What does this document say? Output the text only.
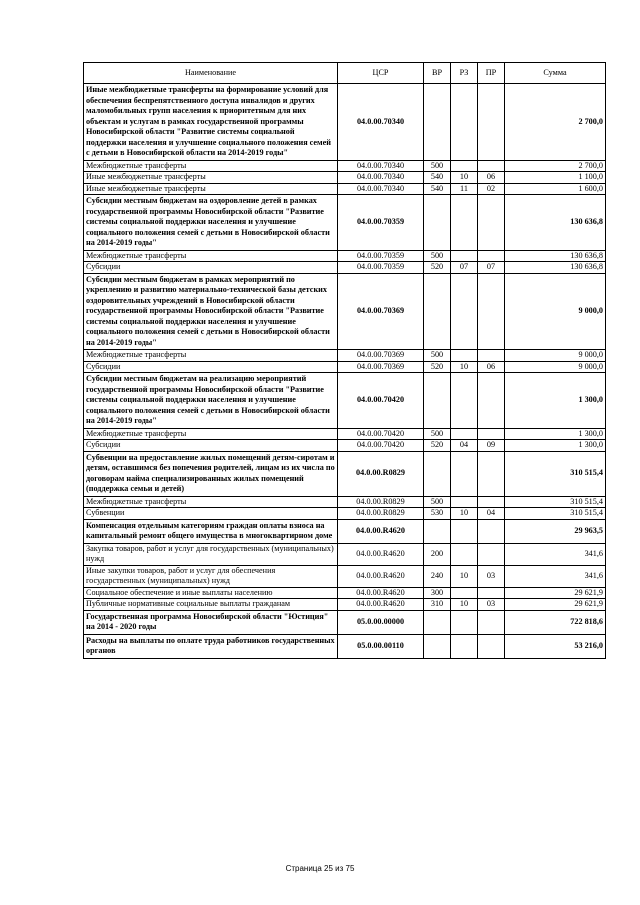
Наименование	ЦСР	ВР	РЗ	ПР	Сумма
Иные межбюджетные трансферты на формирование условий для обеспечения беспрепятственного доступа инвалидов и других маломобильных групп населения к приоритетным для них объектам и услугам в рамках государственной программы Новосибирской области "Развитие системы социальной поддержки населения и улучшение социального положения семей с детьми в Новосибирской области на 2014-2019 годы"	04.0.00.70340				2 700,0
Межбюджетные трансферты	04.0.00.70340	500			2 700,0
Иные межбюджетные трансферты	04.0.00.70340	540	10	06	1 100,0
Иные межбюджетные трансферты	04.0.00.70340	540	11	02	1 600,0
Субсидии местным бюджетам на оздоровление детей в рамках государственной программы Новосибирской области "Развитие системы социальной поддержки населения и улучшение социального положения семей с детьми в Новосибирской области на 2014-2019 годы"	04.0.00.70359				130 636,8
Межбюджетные трансферты	04.0.00.70359	500			130 636,8
Субсидии	04.0.00.70359	520	07	07	130 636,8
Субсидии местным бюджетам в рамках мероприятий по укреплению и развитию материально-технической базы детских оздоровительных учреждений в Новосибирской области государственной программы Новосибирской области "Развитие системы социальной поддержки населения и улучшение социального положения семей с детьми в Новосибирской области на 2014-2019 годы"	04.0.00.70369				9 000,0
Межбюджетные трансферты	04.0.00.70369	500			9 000,0
Субсидии	04.0.00.70369	520	10	06	9 000,0
Субсидии местным бюджетам на реализацию мероприятий государственной программы Новосибирской области "Развитие системы социальной поддержки населения и улучшение социального положения семей с детьми в Новосибирской области на 2014-2019 годы"	04.0.00.70420				1 300,0
Межбюджетные трансферты	04.0.00.70420	500			1 300,0
Субсидии	04.0.00.70420	520	04	09	1 300,0
Субвенции на предоставление жилых помещений детям-сиротам и детям, оставшимся без попечения родителей, лицам из их числа по договорам найма специализированных жилых помещений (поддержка семьи и детей)	04.0.00.R0829				310 515,4
Межбюджетные трансферты	04.0.00.R0829	500			310 515,4
Субвенции	04.0.00.R0829	530	10	04	310 515,4
Компенсация отдельным категориям граждан оплаты взноса на капитальный ремонт общего имущества в многоквартирном доме	04.0.00.R4620				29 963,5
Закупка товаров, работ и услуг для государственных (муниципальных) нужд	04.0.00.R4620	200			341,6
Иные закупки товаров, работ и услуг для обеспечения государственных (муниципальных) нужд	04.0.00.R4620	240	10	03	341,6
Социальное обеспечение и иные выплаты населению	04.0.00.R4620	300			29 621,9
Публичные нормативные социальные выплаты гражданам	04.0.00.R4620	310	10	03	29 621,9
Государственная программа Новосибирской области "Юстиция" на 2014 - 2020 годы	05.0.00.00000				722 818,6
Расходы на выплаты по оплате труда работников государственных органов	05.0.00.00110				53 216,0
Страница 25 из 75
